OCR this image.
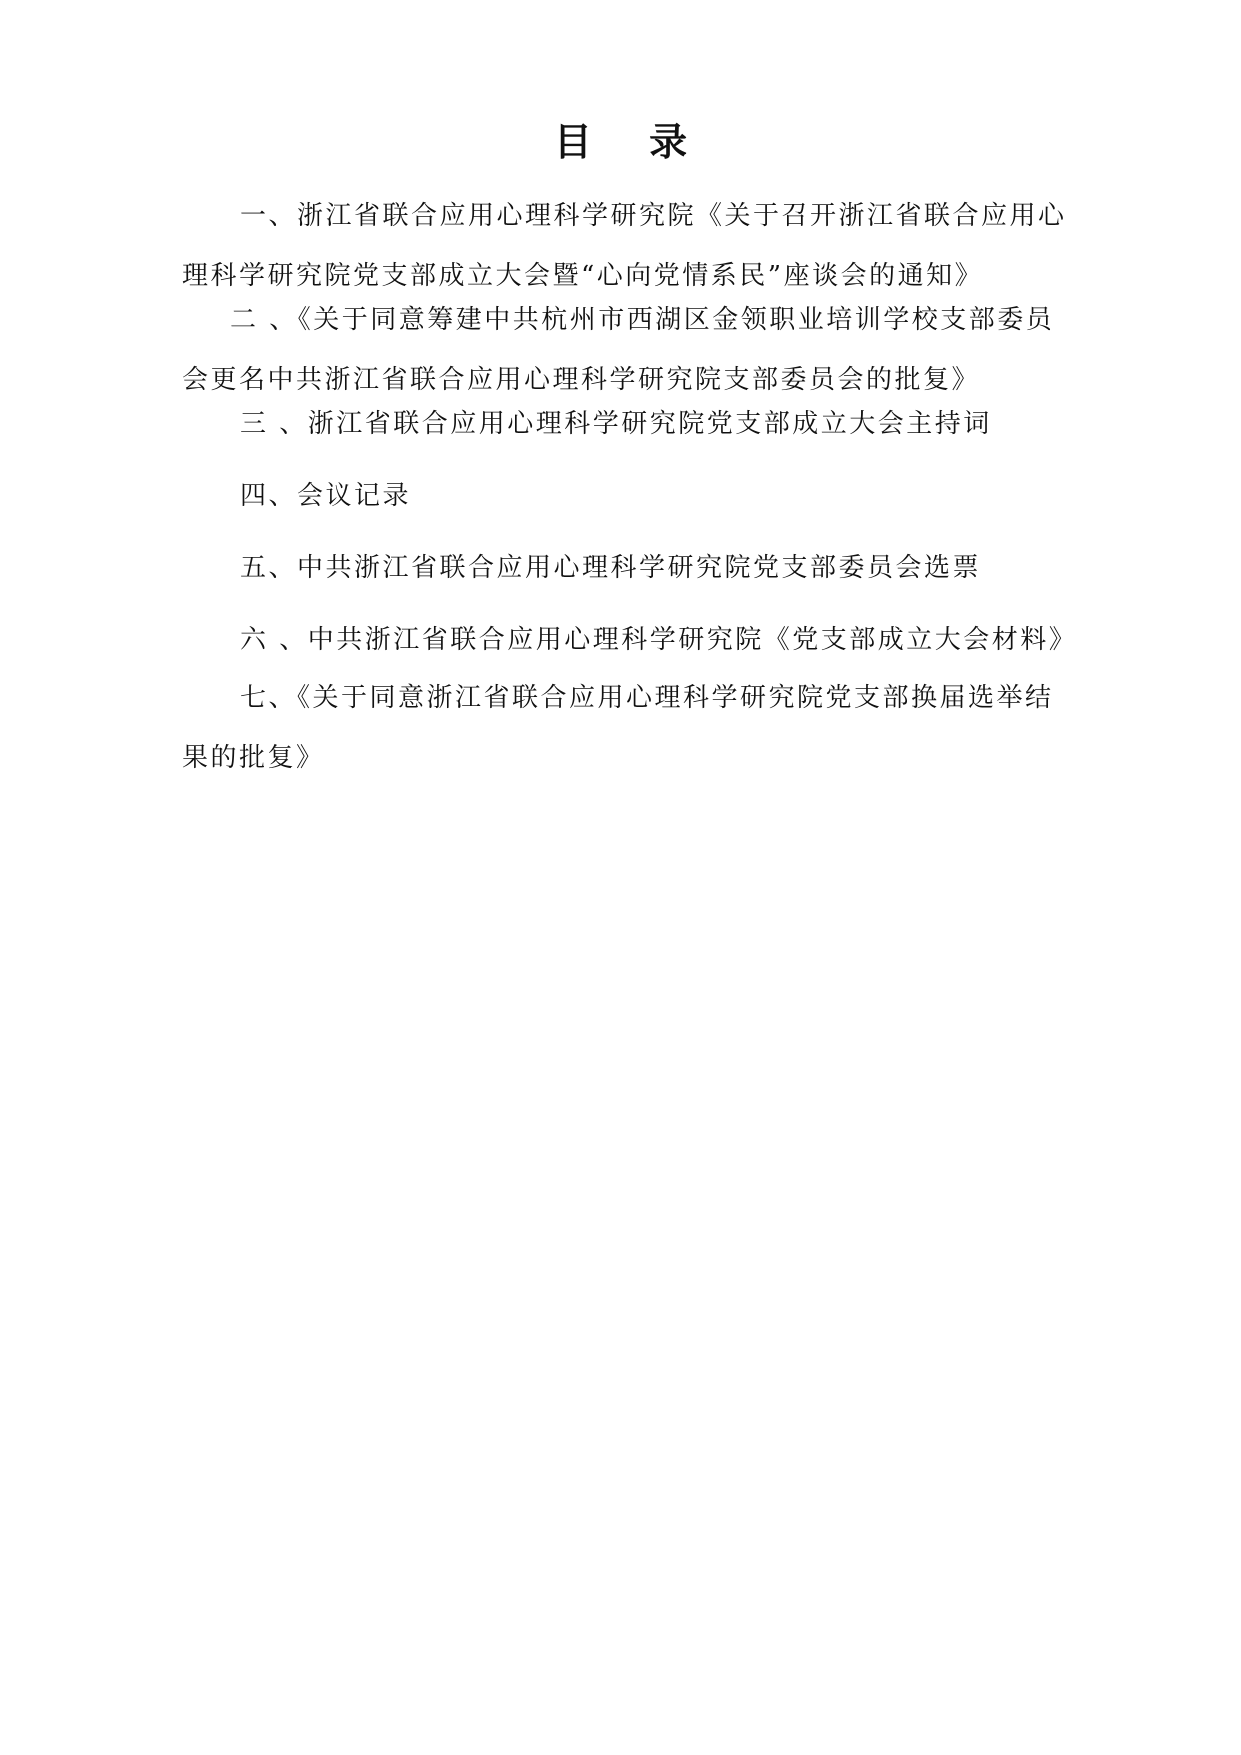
目 录
一、浙江省联合应用心理科学研究院《关于召开浙江省联合应用心
理科学研究院党支部成立大会暨“心向党情系民”座谈会的通知》
二 、《关于同意筹建中共杭州市西湖区金领职业培训学校支部委员
会更名中共浙江省联合应用心理科学研究院支部委员会的批复》
三 、浙江省联合应用心理科学研究院党支部成立大会主持词
四、会议记录
五、中共浙江省联合应用心理科学研究院党支部委员会选票
六 、中共浙江省联合应用心理科学研究院《党支部成立大会材料》
七、《关于同意浙江省联合应用心理科学研究院党支部换届选举结
果的批复》
